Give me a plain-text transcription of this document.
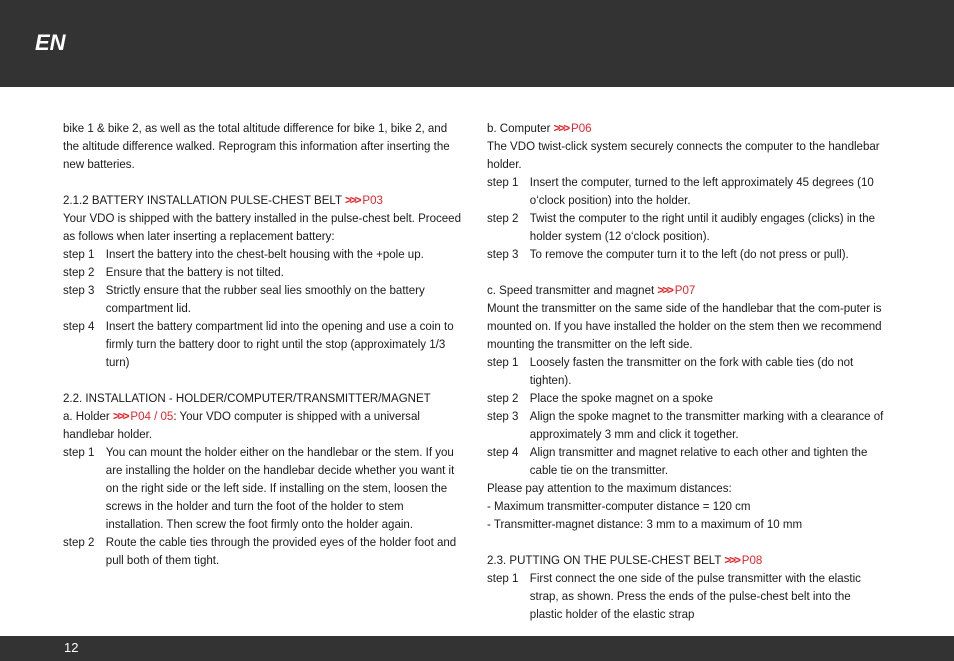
EN

bike 1 & bike 2, as well as the total altitude difference for bike 1, bike 2, and the altitude difference walked. Reprogram this information after inserting the new batteries.

2.1.2 BATTERY INSTALLATION PULSE-CHEST BELT >>> P03

Your VDO is shipped with the battery installed in the pulse-chest belt. Proceed as follows when later inserting a replacement battery:

step 1 Insert the battery into the chest-belt housing with the +pole up.
step 2 Ensure that the battery is not tilted.
step 3 Strictly ensure that the rubber seal lies smoothly on the battery compartment lid.
step 4 Insert the battery compartment lid into the opening and use a coin to firmly turn the battery door to right until the stop (approximately 1/3 turn)

2.2. INSTALLATION - HOLDER/COMPUTER/TRANSMITTER/MAGNET

a. Holder >>> P04 / 05: Your VDO computer is shipped with a universal handlebar holder.

step 1 You can mount the holder either on the handlebar or the stem. If you are installing the holder on the handlebar decide whether you want it on the right side or the left side. If installing on the stem, loosen the screws in the holder and turn the foot of the holder to stem installation. Then screw the foot firmly onto the holder again.
step 2 Route the cable ties through the provided eyes of the holder foot and pull both of them tight.

b. Computer >>> P06

The VDO twist-click system securely connects the computer to the handlebar holder.

step 1 Insert the computer, turned to the left approximately 45 degrees (10 o‘clock position) into the holder.
step 2 Twist the computer to the right until it audibly engages (clicks) in the holder system (12 o‘clock position).
step 3 To remove the computer turn it to the left (do not press or pull).

c. Speed transmitter and magnet >>> P07

Mount the transmitter on the same side of the handlebar that the com-puter is mounted on. If you have installed the holder on the stem then we recommend mounting the transmitter on the left side.

step 1 Loosely fasten the transmitter on the fork with cable ties (do not tighten).
step 2 Place the spoke magnet on a spoke
step 3 Align the spoke magnet to the transmitter marking with a clearance of approximately 3 mm and click it together.
step 4 Align transmitter and magnet relative to each other and tighten the cable tie on the transmitter.

Please pay attention to the maximum distances:

- Maximum transmitter-computer distance = 120 cm

- Transmitter-magnet distance: 3 mm to a maximum of 10 mm

2.3. PUTTING ON THE PULSE-CHEST BELT >>> P08

step 1 First connect the one side of the pulse transmitter with the elastic strap, as shown. Press the ends of the pulse-chest belt into the plastic holder of the elastic strap
12
